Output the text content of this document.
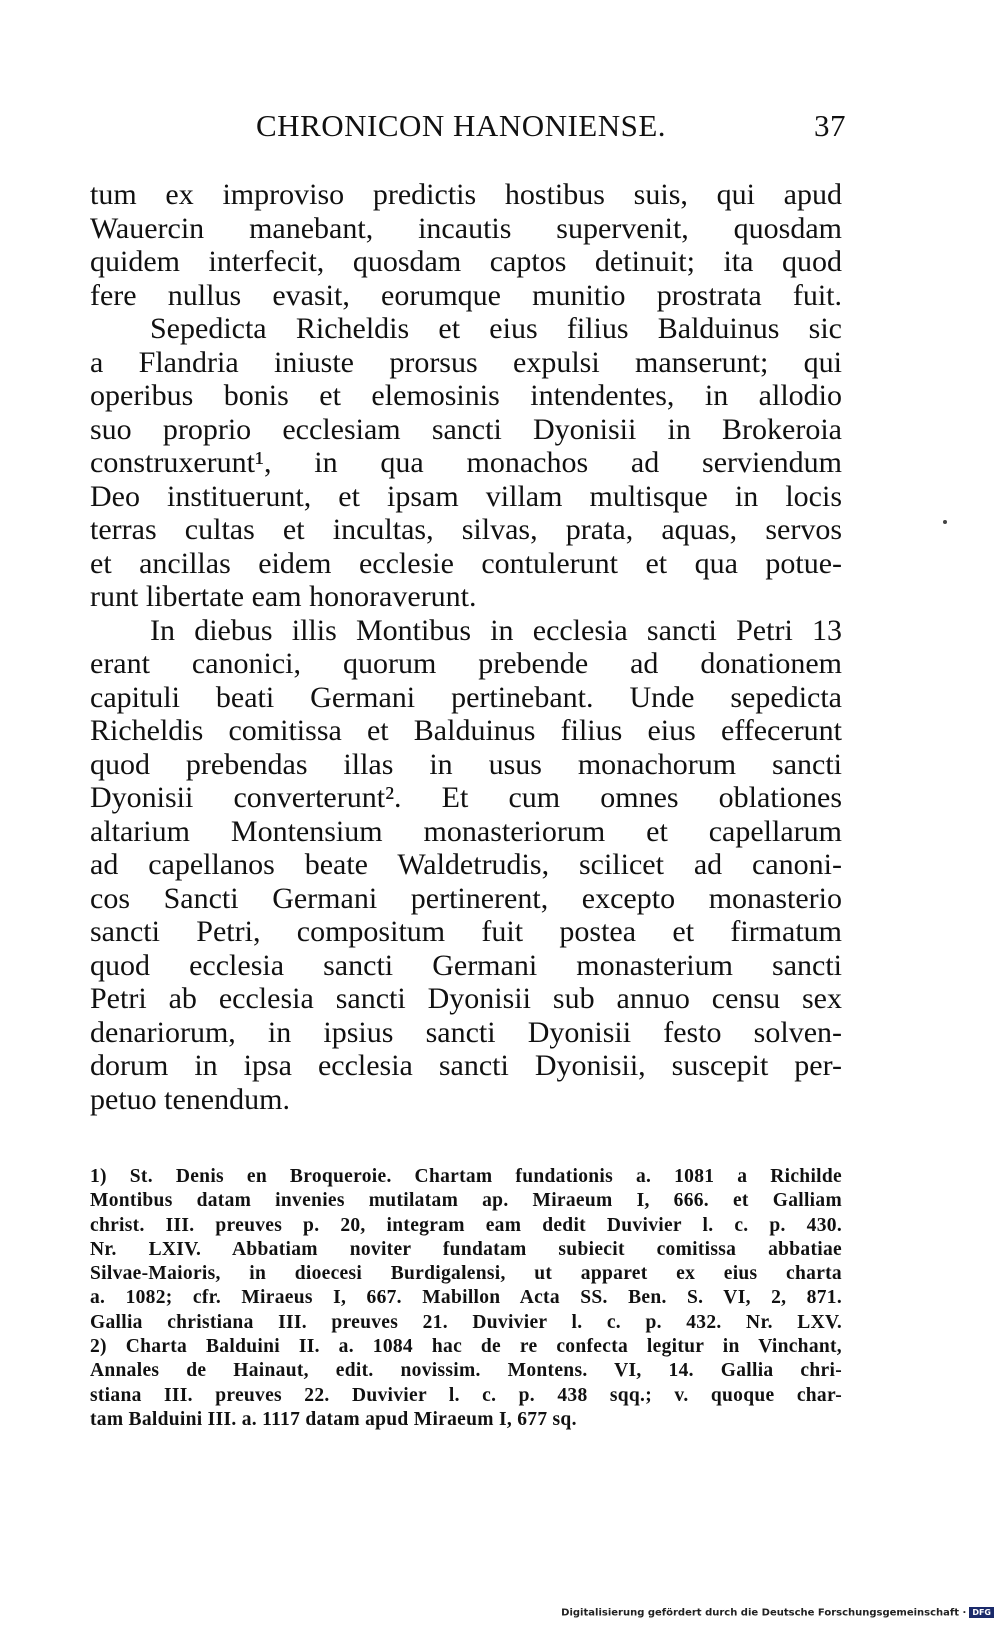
CHRONICON HANONIENSE.	37
tum ex improviso predictis hostibus suis, qui apud
Wauercin manebant, incautis supervenit, quosdam
quidem interfecit, quosdam captos detinuit; ita quod
fere nullus evasit, eorumque munitio prostrata fuit.
Sepedicta Richeldis et eius filius Balduinus sic
a Flandria iniuste prorsus expulsi manserunt; qui
operibus bonis et elemosinis intendentes, in allodio
suo proprio ecclesiam sancti Dyonisii in Brokeroia
construxerunt¹, in qua monachos ad serviendum
Deo instituerunt, et ipsam villam multisque in locis
terras cultas et incultas, silvas, prata, aquas, servos
et ancillas eidem ecclesie contulerunt et qua potue-
runt libertate eam honoraverunt.
In diebus illis Montibus in ecclesia sancti Petri 13
erant canonici, quorum prebende ad donationem
capituli beati Germani pertinebant. Unde sepedicta
Richeldis comitissa et Balduinus filius eius effecerunt
quod prebendas illas in usus monachorum sancti
Dyonisii converterunt². Et cum omnes oblationes
altarium Montensium monasteriorum et capellarum
ad capellanos beate Waldetrudis, scilicet ad canoni-
cos Sancti Germani pertinerent, excepto monasterio
sancti Petri, compositum fuit postea et firmatum
quod ecclesia sancti Germani monasterium sancti
Petri ab ecclesia sancti Dyonisii sub annuo censu sex
denariorum, in ipsius sancti Dyonisii festo solven-
dorum in ipsa ecclesia sancti Dyonisii, suscepit per-
petuo tenendum.
1) St. Denis en Broqueroie. Chartam fundationis a. 1081 a Richilde
Montibus datam invenies mutilatam ap. Miraeum I, 666. et Galliam
christ. III. preuves p. 20, integram eam dedit Duvivier l. c. p. 430.
Nr. LXIV. Abbatiam noviter fundatam subiecit comitissa abbatiae
Silvae-Maioris, in dioecesi Burdigalensi, ut apparet ex eius charta
a. 1082; cfr. Miraeus I, 667. Mabillon Acta SS. Ben. S. VI, 2, 871.
Gallia christiana III. preuves 21. Duvivier l. c. p. 432. Nr. LXV.
2) Charta Balduini II. a. 1084 hac de re confecta legitur in Vinchant,
Annales de Hainaut, edit. novissim. Montens. VI, 14. Gallia chri-
stiana III. preuves 22. Duvivier l. c. p. 438 sqq.; v. quoque char-
tam Balduini III. a. 1117 datam apud Miraeum I, 677 sq.
Digitalisierung gefördert durch die Deutsche Forschungsgemeinschaft · DFG
